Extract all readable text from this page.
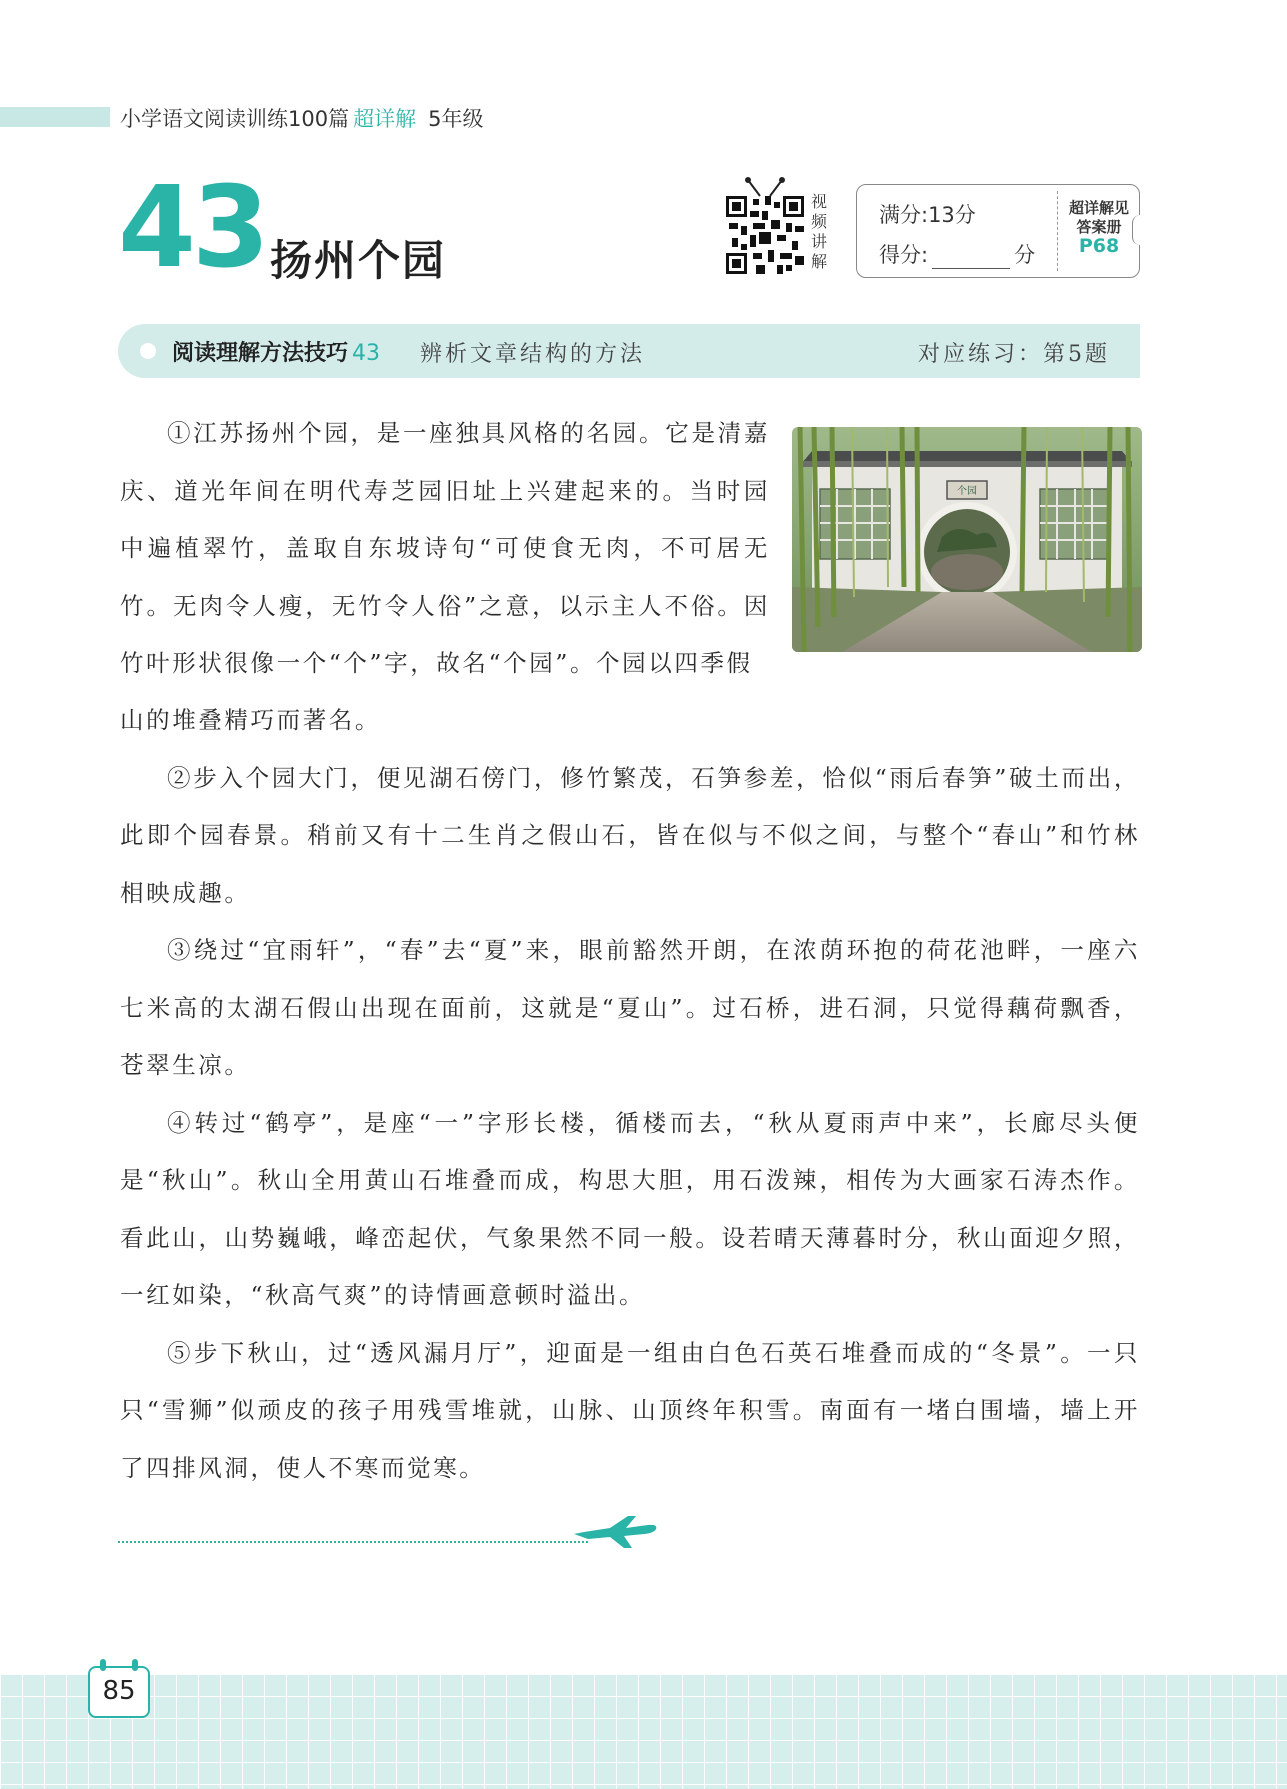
小学语文阅读训练100篇 超详解 5年级
43 扬州个园
视
频
讲
解
满分:13分
得分:	分
超详解见
答案册
P68
阅读理解方法技巧 43 辨析文章结构的方法	对应练习：第5题
个园
①江苏扬州个园，是一座独具风格的名园。它是清嘉庆、道光年间在明代寿芝园旧址上兴建起来的。当时园中遍植翠竹，盖取自东坡诗句“可使食无肉，不可居无竹。无肉令人瘦，无竹令人俗”之意，以示主人不俗。因竹叶形状很像一个“个”字，故名“个园”。个园以四季假
山的堆叠精巧而著名。
②步入个园大门，便见湖石傍门，修竹繁茂，石笋参差，恰似“雨后春笋”破土而出，此即个园春景。稍前又有十二生肖之假山石，皆在似与不似之间，与整个“春山”和竹林相映成趣。
③绕过“宜雨轩”，“春”去“夏”来，眼前豁然开朗，在浓荫环抱的荷花池畔，一座六七米高的太湖石假山出现在面前，这就是“夏山”。过石桥，进石洞，只觉得藕荷飘香，苍翠生凉。
④转过“鹤亭”，是座“一”字形长楼，循楼而去，“秋从夏雨声中来”，长廊尽头便是“秋山”。秋山全用黄山石堆叠而成，构思大胆，用石泼辣，相传为大画家石涛杰作。看此山，山势巍峨，峰峦起伏，气象果然不同一般。设若晴天薄暮时分，秋山面迎夕照，一红如染，“秋高气爽”的诗情画意顿时溢出。
⑤步下秋山，过“透风漏月厅”，迎面是一组由白色石英石堆叠而成的“冬景”。一只只“雪狮”似顽皮的孩子用残雪堆就，山脉、山顶终年积雪。南面有一堵白围墙，墙上开了四排风洞，使人不寒而觉寒。
85
